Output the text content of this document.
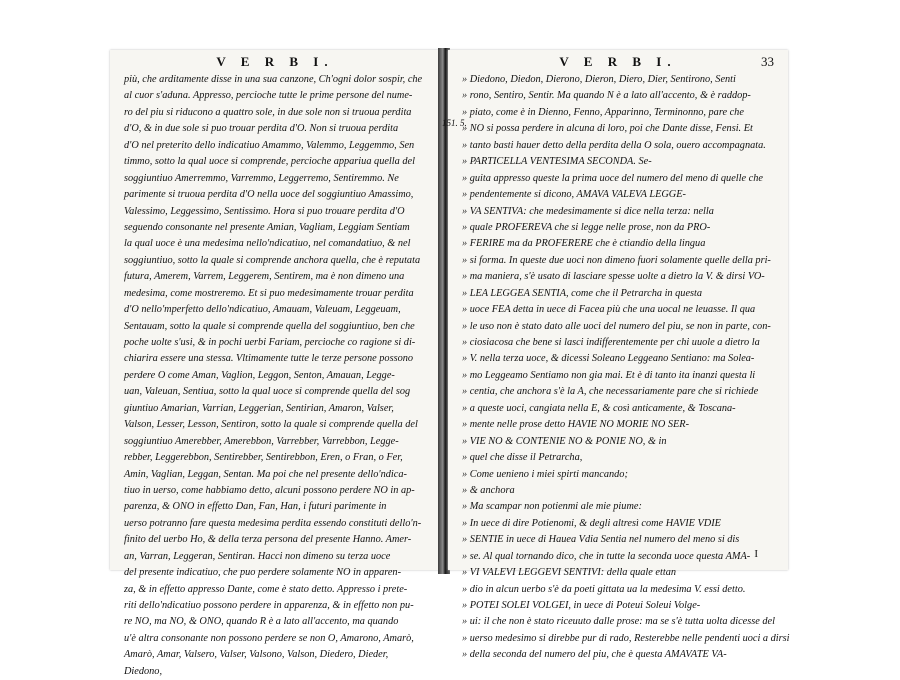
V E R B I.
più, che arditamente disse in una sua canzone, Ch'ogni dolor sospir, che
al cuor s'aduna. Appresso, percioche tutte le prime persone del nume-
ro del piu si riducono a quattro sole, in due sole non si truoua perdita
d'O, & in due sole si puo trouar perdita d'O. Non si truoua perdita
d'O nel preterito dello indicatiuo Amammo, Valemmo, Leggemmo, Sen
timmo, sotto la qual uoce si comprende, percioche appariua quella del
soggiuntiuo Amerremmo, Varremmo, Leggerremo, Sentiremmo. Ne
parimente si truoua perdita d'O nella uoce del soggiuntiuo Amassimo,
Valessimo, Leggessimo, Sentissimo. Hora si puo trouare perdita d'O
seguendo consonante nel presente Amian, Vagliam, Leggiam Sentiam
la qual uoce è una medesima nello'ndicatiuo, nel comandatiuo, & nel
soggiuntiuo, sotto la quale si comprende anchora quella, che è reputata
futura, Amerem, Varrem, Leggerem, Sentirem, ma è non dimeno una
medesima, come mostreremo. Et si puo medesimamente trouar perdita
d'O nello'mperfetto dello'ndicatiuo, Amauam, Valeuam, Leggeuam,
Sentauam, sotto la quale si comprende quella del soggiuntiuo, ben che
poche uolte s'usi, & in pochi uerbi Fariam, percioche co ragione si di-
chiarira essere una stessa. Vltimamente tutte le terze persone possono
perdere O come Aman, Vaglion, Leggon, Senton, Amauan, Legge-
uan, Valeuan, Sentiua, sotto la qual uoce si comprende quella del sog
giuntiuo Amarian, Varrian, Leggerian, Sentirian, Amaron, Valser,
Valson, Lesser, Lesson, Sentiron, sotto la quale si comprende quella del
soggiuntiuo Amerebber, Amerebbon, Varrebber, Varrebbon, Legge-
rebber, Leggerebbon, Sentirebber, Sentirebbon, Eren, o Fran, o Fer,
Amin, Vaglian, Leggan, Sentan. Ma poi che nel presente dello'ndica-
tiuo in uerso, come habbiamo detto, alcuni possono perdere NO in ap-
parenza, & ONO in effetto Dan, Fan, Han, i futuri parimente in
uerso potranno fare questa medesima perdita essendo constituti dello'n-
finito del uerbo Ho, & della terza persona del presente Hanno. Amer-
an, Varran, Leggeran, Sentiran. Hacci non dimeno su terza uoce
del presente indicatiuo, che puo perdere solamente NO in apparen-
za, & in effetto appresso Dante, come è stato detto. Appresso i prete-
riti dello'ndicatiuo possono perdere in apparenza, & in effetto non pu-
re NO, ma NO, & ONO, quando R è a lato all'accento, ma quando
u'è altra consonante non possono perdere se non O, Amarono, Amarò,
Amarò, Amar, Valsero, Valser, Valsono, Valson, Diedero, Dieder,
Diedono,
V E R B I.	33
151. 5.
» Diedono, Diedon, Dierono, Dieron, Diero, Dier, Sentirono, Senti
» rono, Sentiro, Sentir. Ma quando N è a lato all'accento, & è raddop-
» piato, come è in Dienno, Fenno, Apparinno, Terminonno, pare che
» NO si possa perdere in alcuna di loro, poi che Dante disse, Fensi. Et
» tanto basti hauer detto della perdita della O sola, ouero accompagnata.
» PARTICELLA VENTESIMA SECONDA. Se-
» guita appresso queste la prima uoce del numero del meno di quelle che
» pendentemente si dicono, AMAVA VALEVA LEGGE-
» VA SENTIVA: che medesimamente si dice nella terza: nella
» quale PROFEREVA che si legge nelle prose, non da PRO-
» FERIRE ma da PROFERERE che è ctiandio della lingua
» si forma. In queste due uoci non dimeno fuori solamente quelle della pri-
» ma maniera, s'è usato di lasciare spesse uolte a dietro la V. & dirsi VO-
» LEA LEGGEA SENTIA, come che il Petrarcha in questa
» uoce FEA detta in uece di Facea più che una uocal ne leuasse. Il qua
» le uso non è stato dato alle uoci del numero del piu, se non in parte, con-
» ciosiacosa che bene si lasci indifferentemente per chi uuole a dietro la
» V. nella terza uoce, & dicessi Soleano Leggeano Sentiano: ma Solea-
» mo Leggeamo Sentiamo non gia mai. Et è di tanto ita inanzi questa li
» centia, che anchora s'è la A, che necessariamente pare che si richiede
» a queste uoci, cangiata nella E, & così anticamente, & Toscana-
» mente nelle prose detto HAVIE NO MORIE NO SER-
» VIE NO & CONTENIE NO & PONIE NO, & in
» quel che disse il Petrarcha,
» Come uenieno i miei spirti mancando;
» & anchora
» Ma scampar non potienmi ale mie piume:
» In uece di dire Potienomi, & degli altresì come HAVIE VDIE
» SENTIE in uece di Hauea Vdia Sentia nel numero del meno si dis
» se. Al qual tornando dico, che in tutte la seconda uoce questa AMA-
» VI VALEVI LEGGEVI SENTIVI: della quale ettan
» dio in alcun uerbo s'è da poeti gittata ua la medesima V. essi detto.
» POTEI SOLEI VOLGEI, in uece di Poteui Soleui Volge-
» ui: il che non è stato riceuuto dalle prose: ma se s'è tutta uolta dicesse del
» uerso medesimo si direbbe pur di rado, Resterebbe nelle pendenti uoci a dirsi
» della seconda del numero del piu, che è questa AMAVATE VA-
I
